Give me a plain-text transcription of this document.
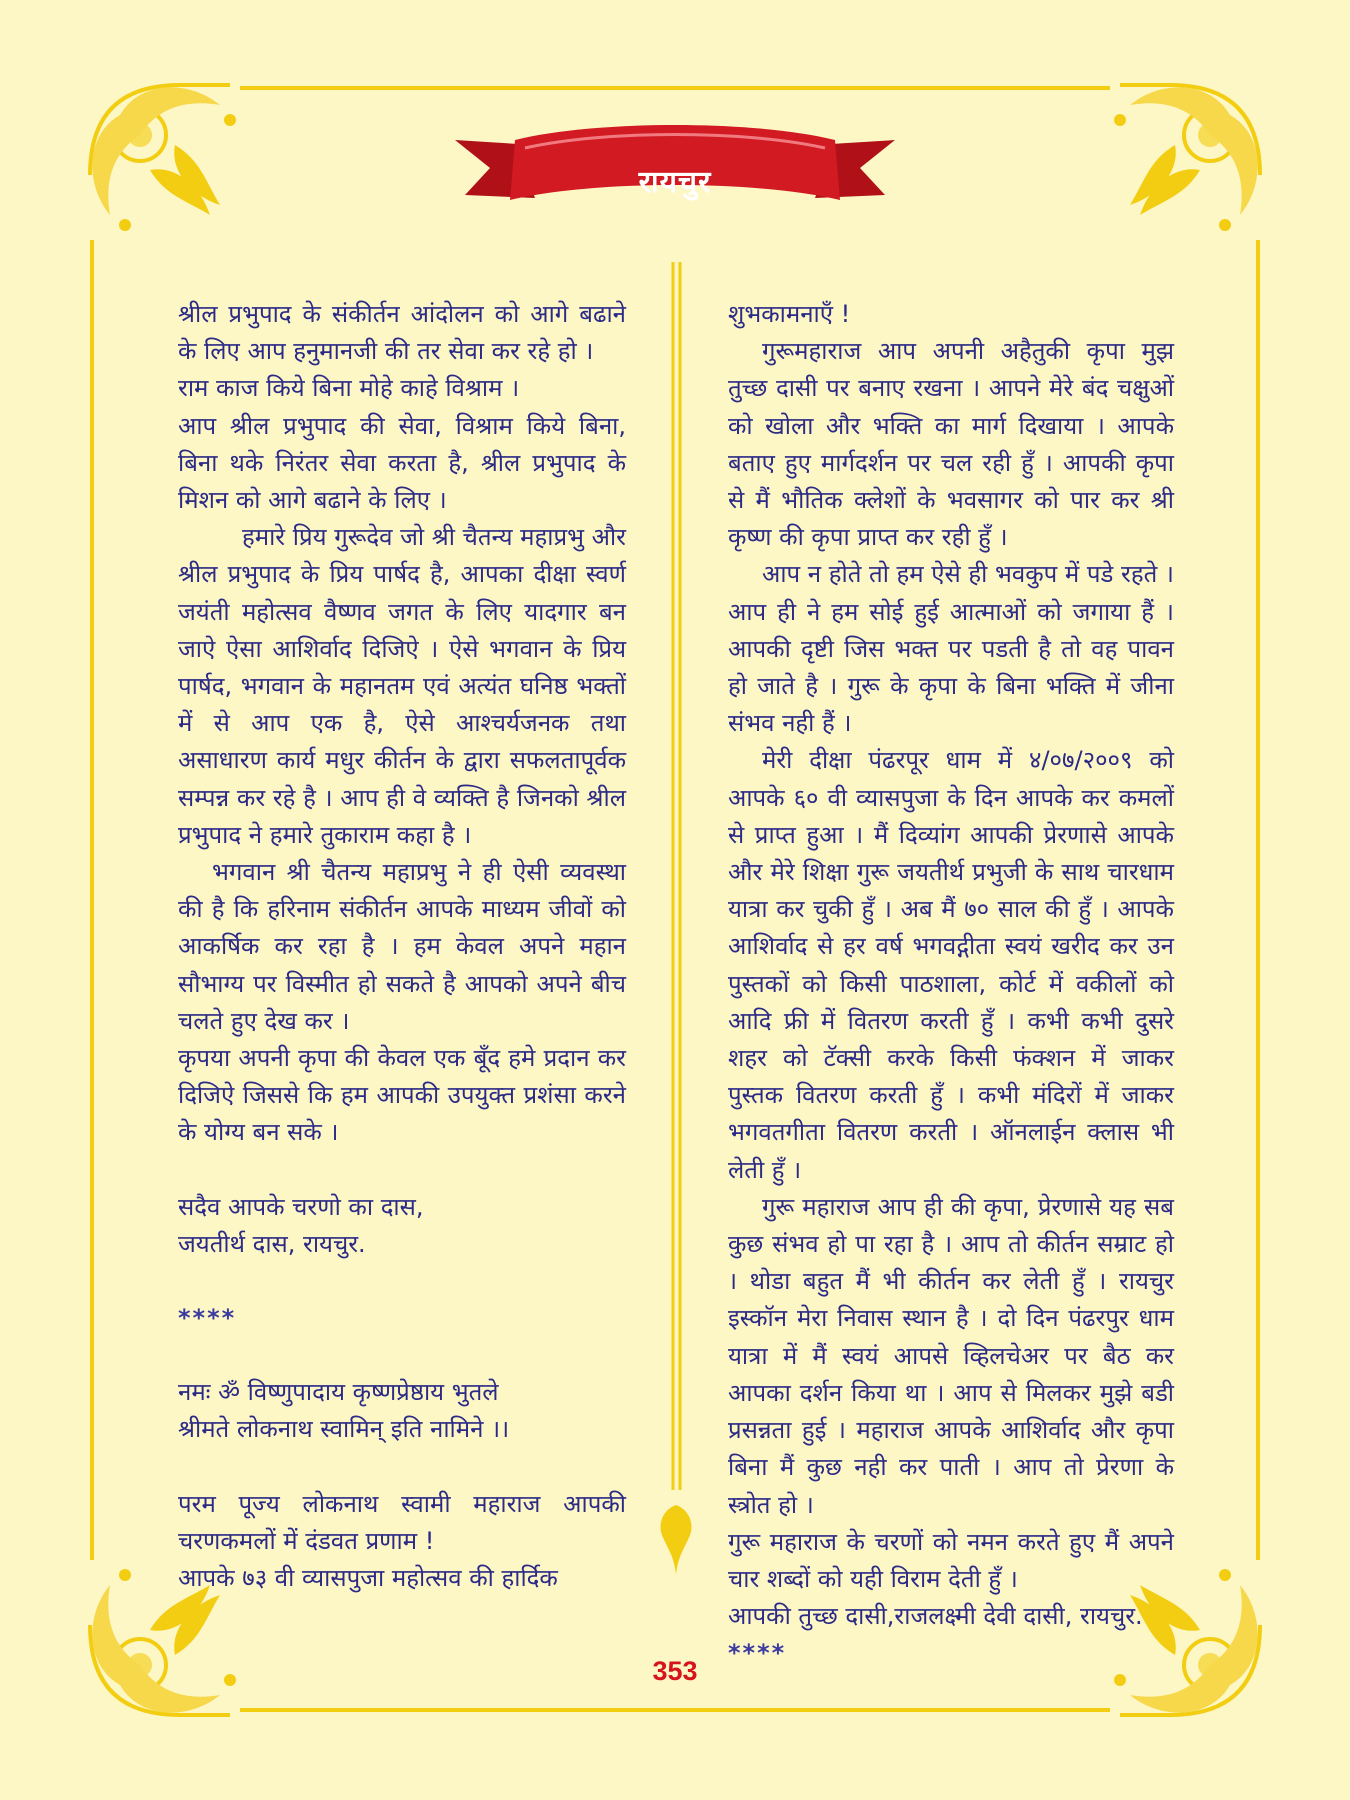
रायचुर

श्रील प्रभुपाद के संकीर्तन आंदोलन को आगे बढाने के लिए आप हनुमानजी की तर सेवा कर रहे हो ।

राम काज किये बिना मोहे काहे विश्राम ।

आप श्रील प्रभुपाद की सेवा, विश्राम किये बिना, बिना थके निरंतर सेवा करता है, श्रील प्रभुपाद के मिशन को आगे बढाने के लिए ।

हमारे प्रिय गुरूदेव जो श्री चैतन्य महाप्रभु और श्रील प्रभुपाद के प्रिय पार्षद है, आपका दीक्षा स्वर्ण जयंती महोत्सव वैष्णव जगत के लिए यादगार बन जाऐ ऐसा आशिर्वाद दिजिऐ । ऐसे भगवान के प्रिय पार्षद, भगवान के महानतम एवं अत्यंत घनिष्ठ भक्तों में से आप एक है, ऐसे आश्चर्यजनक तथा असाधारण कार्य मधुर कीर्तन के द्वारा सफलतापूर्वक सम्पन्न कर रहे है । आप ही वे व्यक्ति है जिनको श्रील प्रभुपाद ने हमारे तुकाराम कहा है ।

भगवान श्री चैतन्य महाप्रभु ने ही ऐसी व्यवस्था की है कि हरिनाम संकीर्तन आपके माध्यम जीवों को आकर्षिक कर रहा है । हम केवल अपने महान सौभाग्य पर विस्मीत हो सकते है आपको अपने बीच चलते हुए देख कर ।

कृपया अपनी कृपा की केवल एक बूँद हमे प्रदान कर दिजिऐ जिससे कि हम आपकी उपयुक्त प्रशंसा करने के योग्य बन सके ।

सदैव आपके चरणो का दास,

जयतीर्थ दास, रायचुर.

****

नमः ॐ विष्णुपादाय कृष्णप्रेष्ठाय भुतले

श्रीमते लोकनाथ स्वामिन् इति नामिने ।।

परम पूज्य लोकनाथ स्वामी महाराज आपकी चरणकमलों में दंडवत प्रणाम !

आपके ७३ वी व्यासपुजा महोत्सव की हार्दिक

शुभकामनाएँ !

गुरूमहाराज आप अपनी अहैतुकी कृपा मुझ तुच्छ दासी पर बनाए रखना । आपने मेरे बंद चक्षुओं को खोला और भक्ति का मार्ग दिखाया । आपके बताए हुए मार्गदर्शन पर चल रही हुँ । आपकी कृपा से मैं भौतिक क्लेशों के भवसागर को पार कर श्री कृष्ण की कृपा प्राप्त कर रही हुँ ।

आप न होते तो हम ऐसे ही भवकुप में पडे रहते । आप ही ने हम सोई हुई आत्माओं को जगाया हैं । आपकी दृष्टी जिस भक्त पर पडती है तो वह पावन हो जाते है । गुरू के कृपा के बिना भक्ति में जीना संभव नही हैं ।

मेरी दीक्षा पंढरपूर धाम में ४/०७/२००९ को आपके ६० वी व्यासपुजा के दिन आपके कर कमलों से प्राप्त हुआ । मैं दिव्यांग आपकी प्रेरणासे आपके और मेरे शिक्षा गुरू जयतीर्थ प्रभुजी के साथ चारधाम यात्रा कर चुकी हुँ । अब मैं ७० साल की हुँ । आपके आशिर्वाद से हर वर्ष भगवद्गीता स्वयं खरीद कर उन पुस्तकों को किसी पाठशाला, कोर्ट में वकीलों को आदि फ्री में वितरण करती हुँ । कभी कभी दुसरे शहर को टॅक्सी करके किसी फंक्शन में जाकर पुस्तक वितरण करती हुँ । कभी मंदिरों में जाकर भगवतगीता वितरण करती । ऑनलाईन क्लास भी लेती हुँ ।

गुरू महाराज आप ही की कृपा, प्रेरणासे यह सब कुछ संभव हो पा रहा है । आप तो कीर्तन सम्राट हो । थोडा बहुत मैं भी कीर्तन कर लेती हुँ । रायचुर इस्कॉन मेरा निवास स्थान है । दो दिन पंढरपुर धाम यात्रा में मैं स्वयं आपसे व्हिलचेअर पर बैठ कर आपका दर्शन किया था । आप से मिलकर मुझे बडी प्रसन्नता हुई । महाराज आपके आशिर्वाद और कृपा बिना मैं कुछ नही कर पाती । आप तो प्रेरणा के स्त्रोत हो ।

गुरू महाराज के चरणों को नमन करते हुए मैं अपने चार शब्दों को यही विराम देती हुँ ।

आपकी तुच्छ दासी,राजलक्ष्मी देवी दासी, रायचुर.

****

353
